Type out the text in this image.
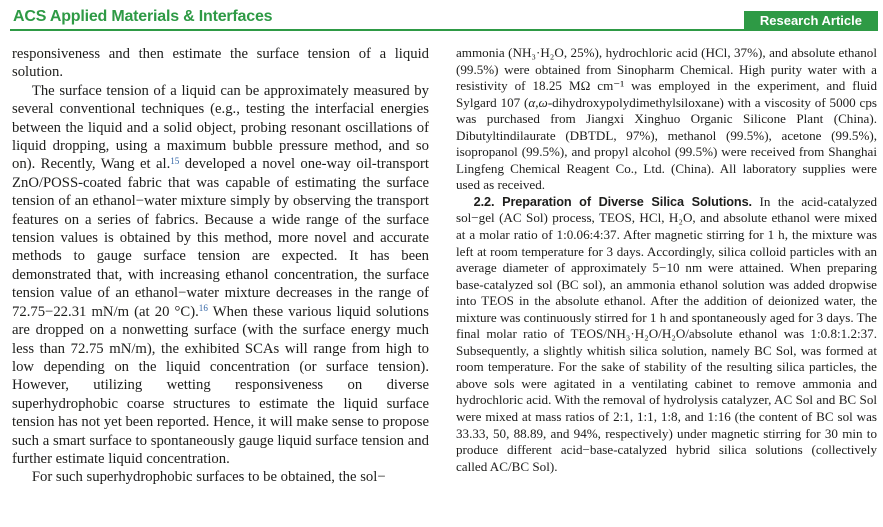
ACS Applied Materials & Interfaces	Research Article

responsiveness and then estimate the surface tension of a liquid solution.

The surface tension of a liquid can be approximately measured by several conventional techniques (e.g., testing the interfacial energies between the liquid and a solid object, probing resonant oscillations of liquid dropping, using a maximum bubble pressure method, and so on). Recently, Wang et al.$^{15}$ developed a novel one-way oil-transport ZnO/POSS-coated fabric that was capable of estimating the surface tension of an ethanol−water mixture simply by observing the transport features on a series of fabrics. Because a wide range of the surface tension values is obtained by this method, more novel and accurate methods to gauge surface tension are expected. It has been demonstrated that, with increasing ethanol concentration, the surface tension value of an ethanol−water mixture decreases in the range of 72.75−22.31 mN/m (at 20 °C).$^{16}$ When these various liquid solutions are dropped on a nonwetting surface (with the surface energy much less than 72.75 mN/m), the exhibited SCAs will range from high to low depending on the liquid concentration (or surface tension). However, utilizing wetting responsiveness on diverse superhydrophobic coarse structures to estimate the liquid surface tension has not yet been reported. Hence, it will make sense to propose such a smart surface to spontaneously gauge liquid surface tension and further estimate liquid concentration.

For such superhydrophobic surfaces to be obtained, the sol−

ammonia (NH₃·H₂O, 25%), hydrochloric acid (HCl, 37%), and absolute ethanol (99.5%) were obtained from Sinopharm Chemical. High purity water with a resistivity of 18.25 MΩ cm⁻¹ was employed in the experiment, and fluid Sylgard 107 (α,ω-dihydroxypolydimethylsiloxane) with a viscosity of 5000 cps was purchased from Jiangxi Xinghuo Organic Silicone Plant (China). Dibutyltindilaurate (DBTDL, 97%), methanol (99.5%), acetone (99.5%), isopropanol (99.5%), and propyl alcohol (99.5%) were received from Shanghai Lingfeng Chemical Reagent Co., Ltd. (China). All laboratory supplies were used as received.

2.2. Preparation of Diverse Silica Solutions. In the acid-catalyzed sol−gel (AC Sol) process, TEOS, HCl, H₂O, and absolute ethanol were mixed at a molar ratio of 1:0.06:4:37. After magnetic stirring for 1 h, the mixture was left at room temperature for 3 days. Accordingly, silica colloid particles with an average diameter of approximately 5−10 nm were attained. When preparing base-catalyzed sol (BC sol), an ammonia ethanol solution was added dropwise into TEOS in the absolute ethanol. After the addition of deionized water, the mixture was continuously stirred for 1 h and spontaneously aged for 3 days. The final molar ratio of TEOS/NH₃·H₂O/H₂O/absolute ethanol was 1:0.8:1.2:37. Subsequently, a slightly whitish silica solution, namely BC Sol, was formed at room temperature. For the sake of stability of the resulting silica particles, the above sols were agitated in a ventilating cabinet to remove ammonia and hydrochloric acid. With the removal of hydrolysis catalyzer, AC Sol and BC Sol were mixed at mass ratios of 2:1, 1:1, 1:8, and 1:16 (the content of BC sol was 33.33, 50, 88.89, and 94%, respectively) under magnetic stirring for 30 min to produce different acid−base-catalyzed hybrid silica solutions (collectively called AC/BC Sol).
